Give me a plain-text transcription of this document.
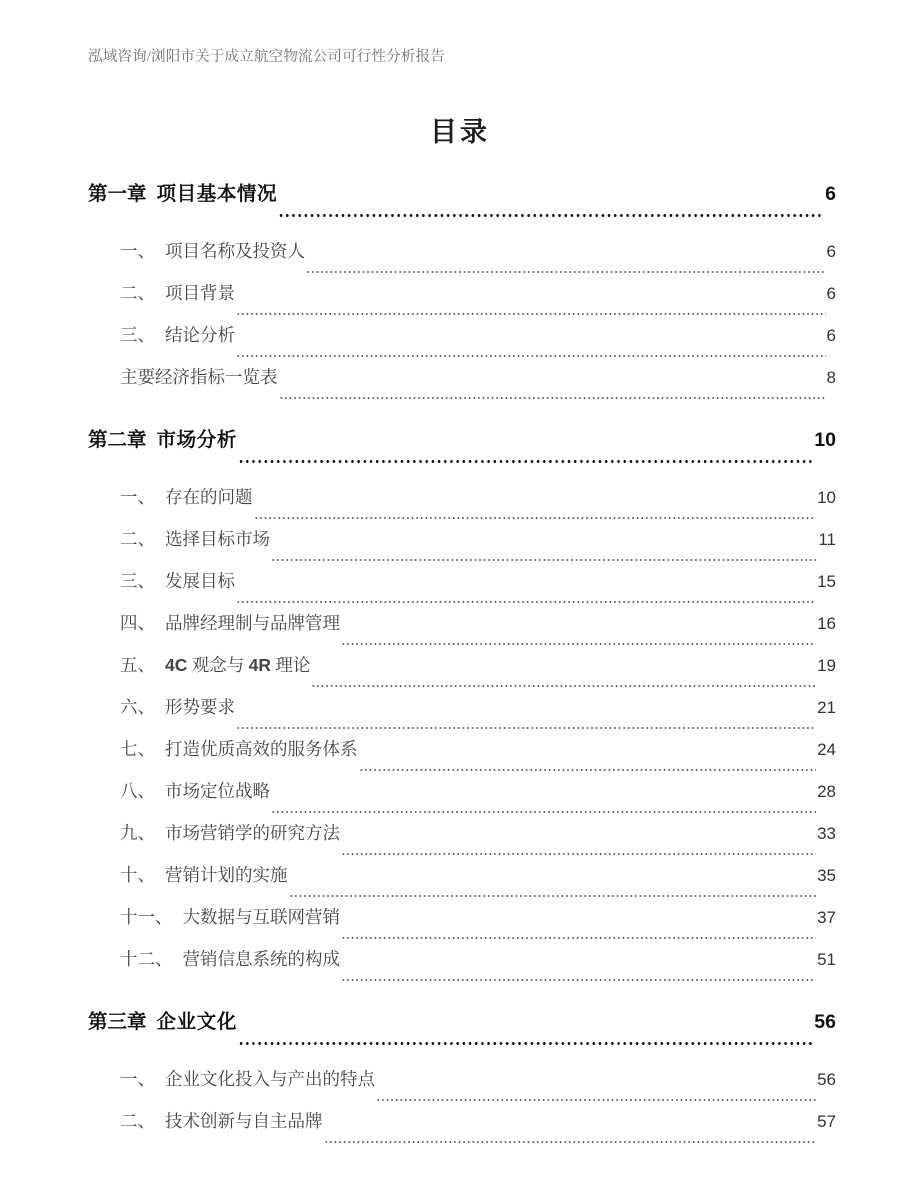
泓域咨询/浏阳市关于成立航空物流公司可行性分析报告
目录
第一章 项目基本情况	6
一、 项目名称及投资人	6
二、 项目背景	6
三、 结论分析	6
主要经济指标一览表	8
第二章 市场分析	10
一、 存在的问题	10
二、 选择目标市场	11
三、 发展目标	15
四、 品牌经理制与品牌管理	16
五、 4C 观念与 4R 理论	19
六、 形势要求	21
七、 打造优质高效的服务体系	24
八、 市场定位战略	28
九、 市场营销学的研究方法	33
十、 营销计划的实施	35
十一、 大数据与互联网营销	37
十二、 营销信息系统的构成	51
第三章 企业文化	56
一、 企业文化投入与产出的特点	56
二、 技术创新与自主品牌	57
